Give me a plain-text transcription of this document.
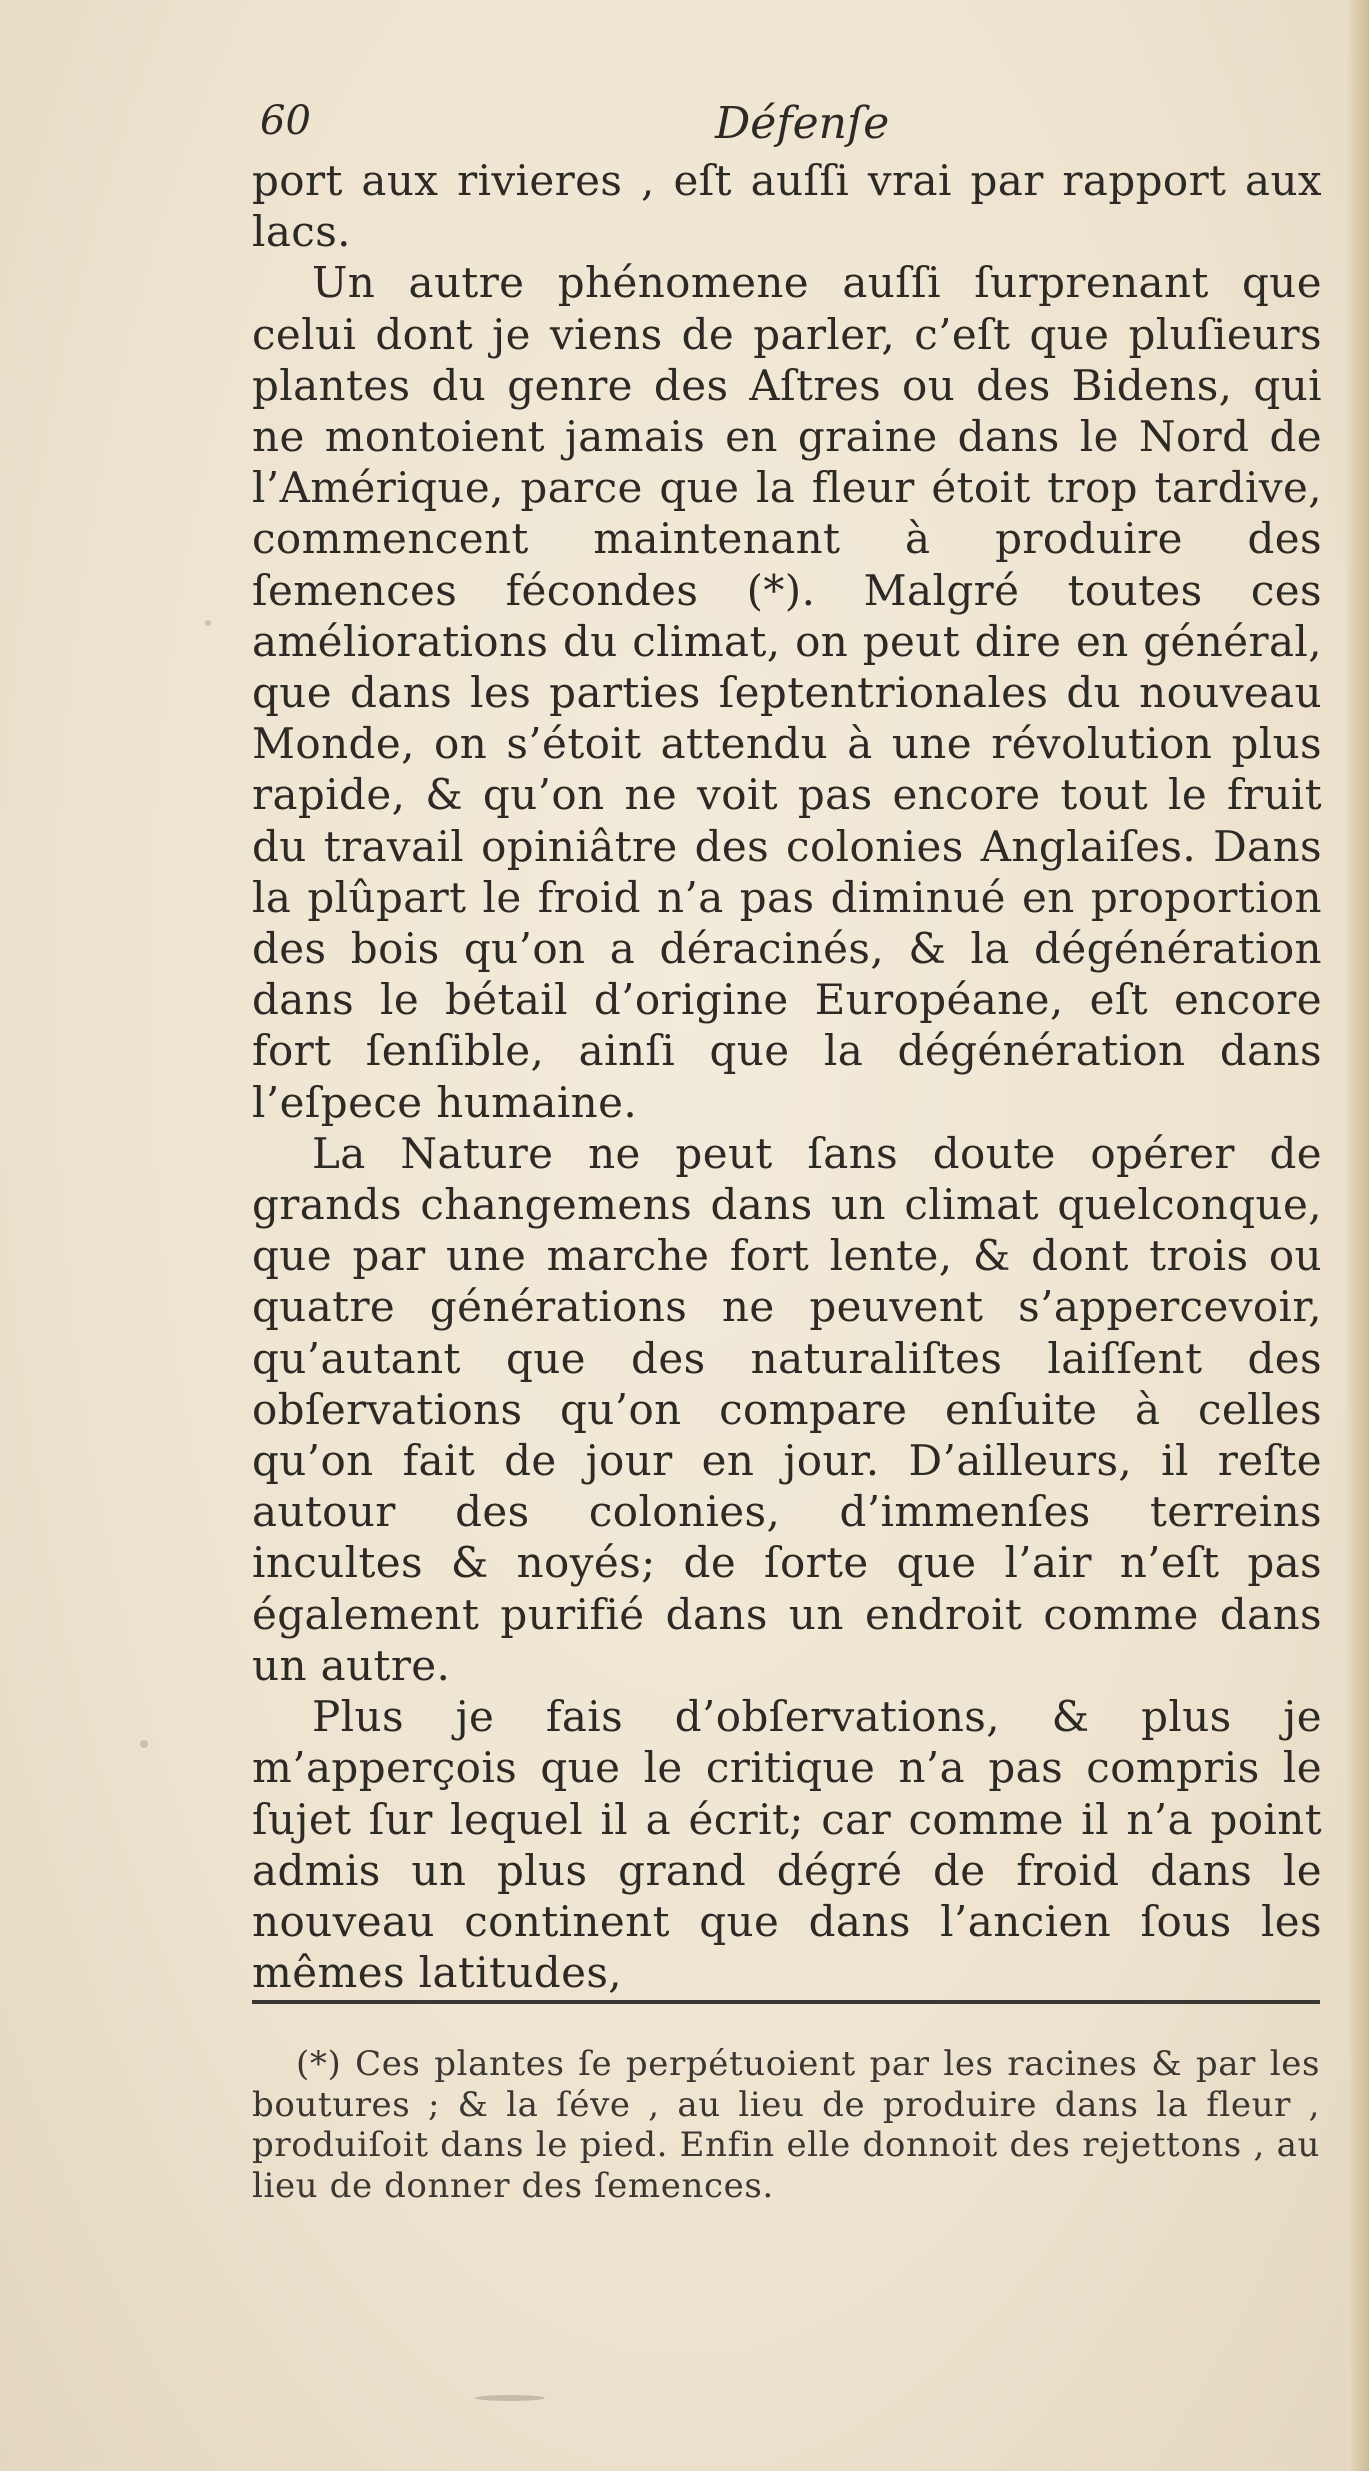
60	Défenſe

port aux rivieres , eſt auſſi vrai par rapport aux lacs.

Un autre phénomene auſſi ſurprenant que celui dont je viens de parler, c’eſt que pluſieurs plantes du genre des Aſtres ou des Bidens, qui ne montoient jamais en graine dans le Nord de l’Amérique, parce que la fleur étoit trop tardive, commencent maintenant à produire des ſemences fécondes (*). Malgré toutes ces améliorations du climat, on peut dire en général, que dans les parties ſeptentrionales du nouveau Monde, on s’étoit attendu à une révolution plus rapide, & qu’on ne voit pas encore tout le fruit du travail opiniâtre des colonies Anglaiſes. Dans la plûpart le froid n’a pas diminué en proportion des bois qu’on a déracinés, & la dégénération dans le bétail d’origine Européane, eſt encore fort ſenſible, ainſi que la dégénération dans l’eſpece humaine.

La Nature ne peut ſans doute opérer de grands changemens dans un climat quelconque, que par une marche fort lente, & dont trois ou quatre générations ne peuvent s’appercevoir, qu’autant que des naturaliſtes laiſſent des obſervations qu’on compare enſuite à celles qu’on fait de jour en jour. D’ailleurs, il reſte autour des colonies, d’immenſes terreins incultes & noyés; de ſorte que l’air n’eſt pas également purifié dans un endroit comme dans un autre.

Plus je fais d’obſervations, & plus je m’apperçois que le critique n’a pas compris le ſujet ſur lequel il a écrit; car comme il n’a point admis un plus grand dégré de froid dans le nouveau continent que dans l’ancien ſous les mêmes latitudes,

(*) Ces plantes ſe perpétuoient par les racines & par les boutures ; & la ſéve , au lieu de produire dans la fleur , produiſoit dans le pied. Enfin elle donnoit des rejettons , au lieu de donner des ſemences.
